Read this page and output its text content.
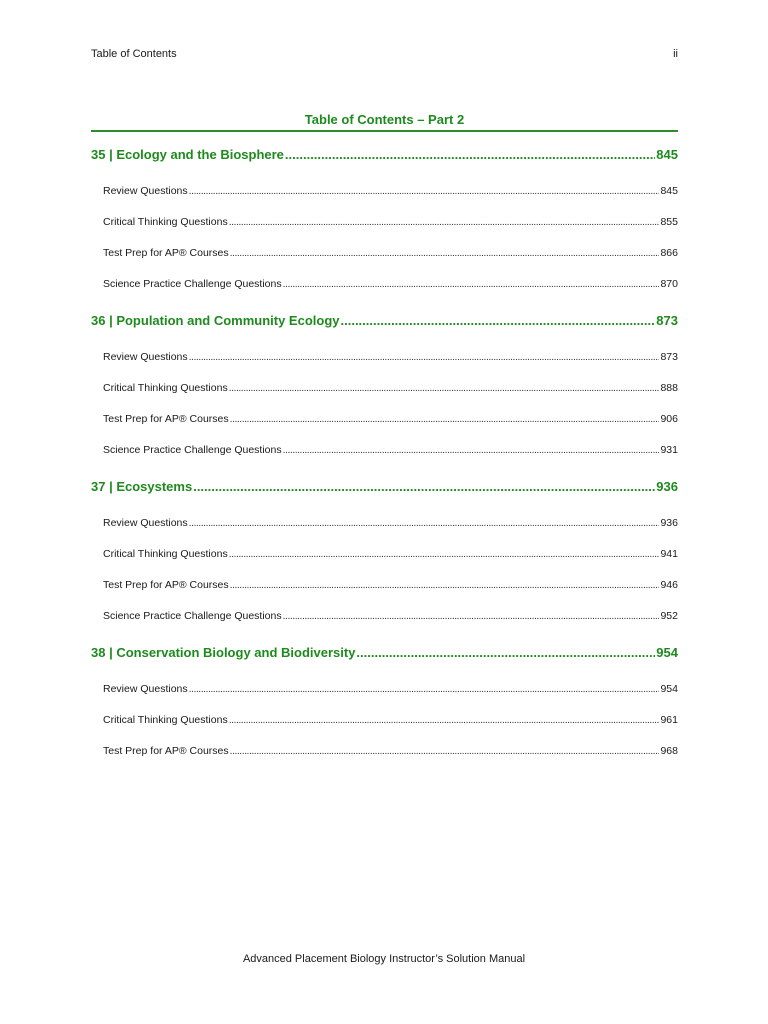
Table of Contents	ii
Table of Contents – Part 2
35 | Ecology and the Biosphere .....	845
Review Questions .....	845
Critical Thinking Questions .....	855
Test Prep for AP® Courses .....	866
Science Practice Challenge Questions .....	870
36 | Population and Community Ecology .....	873
Review Questions .....	873
Critical Thinking Questions .....	888
Test Prep for AP® Courses .....	906
Science Practice Challenge Questions .....	931
37 | Ecosystems .....	936
Review Questions .....	936
Critical Thinking Questions .....	941
Test Prep for AP® Courses .....	946
Science Practice Challenge Questions .....	952
38 | Conservation Biology and Biodiversity .....	954
Review Questions .....	954
Critical Thinking Questions .....	961
Test Prep for AP® Courses .....	968
Advanced Placement Biology Instructor’s Solution Manual
